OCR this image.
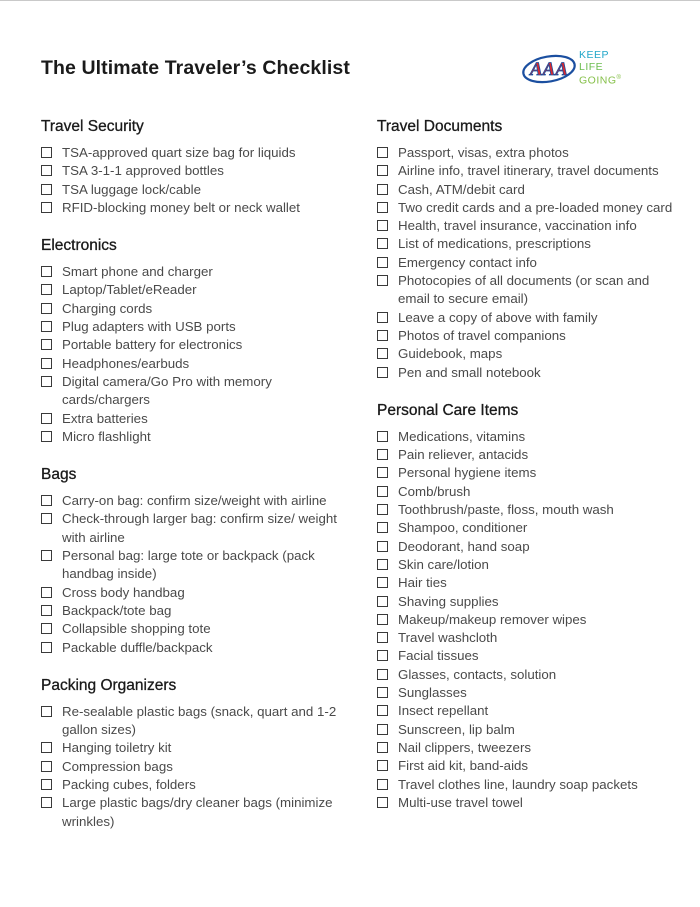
The Ultimate Traveler’s Checklist	AAA
KEEP
LIFE
GOING®
Travel Security
TSA-approved quart size bag for liquids
TSA 3-1-1 approved bottles
TSA luggage lock/cable
RFID-blocking money belt or neck wallet
Electronics
Smart phone and charger
Laptop/Tablet/eReader
Charging cords
Plug adapters with USB ports
Portable battery for electronics
Headphones/earbuds
Digital camera/Go Pro with memory cards/chargers
Extra batteries
Micro flashlight
Bags
Carry-on bag: confirm size/weight with airline
Check-through larger bag: confirm size/ weight with airline
Personal bag: large tote or backpack (pack handbag inside)
Cross body handbag
Backpack/tote bag
Collapsible shopping tote
Packable duffle/backpack
Packing Organizers
Re-sealable plastic bags (snack, quart and 1-2 gallon sizes)
Hanging toiletry kit
Compression bags
Packing cubes, folders
Large plastic bags/dry cleaner bags (minimize wrinkles)
Travel Documents
Passport, visas, extra photos
Airline info, travel itinerary, travel documents
Cash, ATM/debit card
Two credit cards and a pre-loaded money card
Health, travel insurance, vaccination info
List of medications, prescriptions
Emergency contact info
Photocopies of all documents (or scan and email to secure email)
Leave a copy of above with family
Photos of travel companions
Guidebook, maps
Pen and small notebook
Personal Care Items
Medications, vitamins
Pain reliever, antacids
Personal hygiene items
Comb/brush
Toothbrush/paste, floss, mouth wash
Shampoo, conditioner
Deodorant, hand soap
Skin care/lotion
Hair ties
Shaving supplies
Makeup/makeup remover wipes
Travel washcloth
Facial tissues
Glasses, contacts, solution
Sunglasses
Insect repellant
Sunscreen, lip balm
Nail clippers, tweezers
First aid kit, band-aids
Travel clothes line, laundry soap packets
Multi-use travel towel
